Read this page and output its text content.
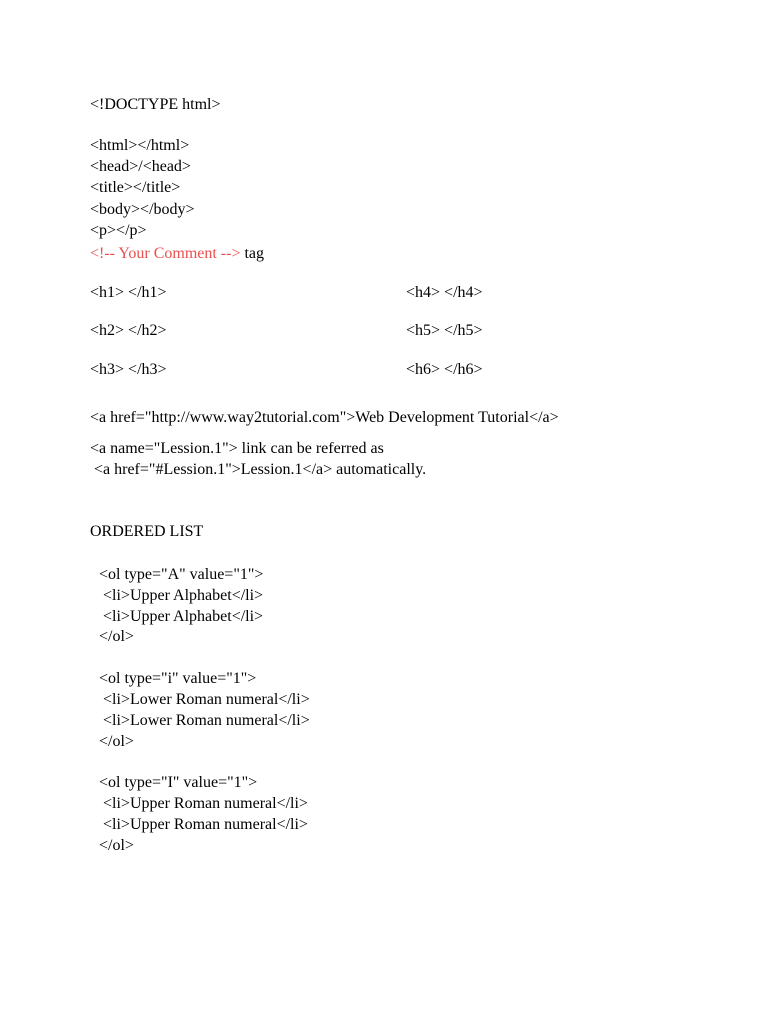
<!DOCTYPE html>
<html></html>
<head>/<head>
<title></title>
<body></body>
<p></p>
<!-- Your Comment --> tag
<h1> </h1>	<h4> </h4>
<h2> </h2>	<h5> </h5>
<h3> </h3>	<h6> </h6>
<a href="http://www.way2tutorial.com">Web Development Tutorial</a>
<a name="Lession.1"> link can be referred as
<a href="#Lession.1">Lession.1</a> automatically.
ORDERED LIST
<ol type="A" value="1">
<li>Upper Alphabet</li>
<li>Upper Alphabet</li>
</ol>
<ol type="i" value="1">
<li>Lower Roman numeral</li>
<li>Lower Roman numeral</li>
</ol>
<ol type="I" value="1">
<li>Upper Roman numeral</li>
<li>Upper Roman numeral</li>
</ol>
